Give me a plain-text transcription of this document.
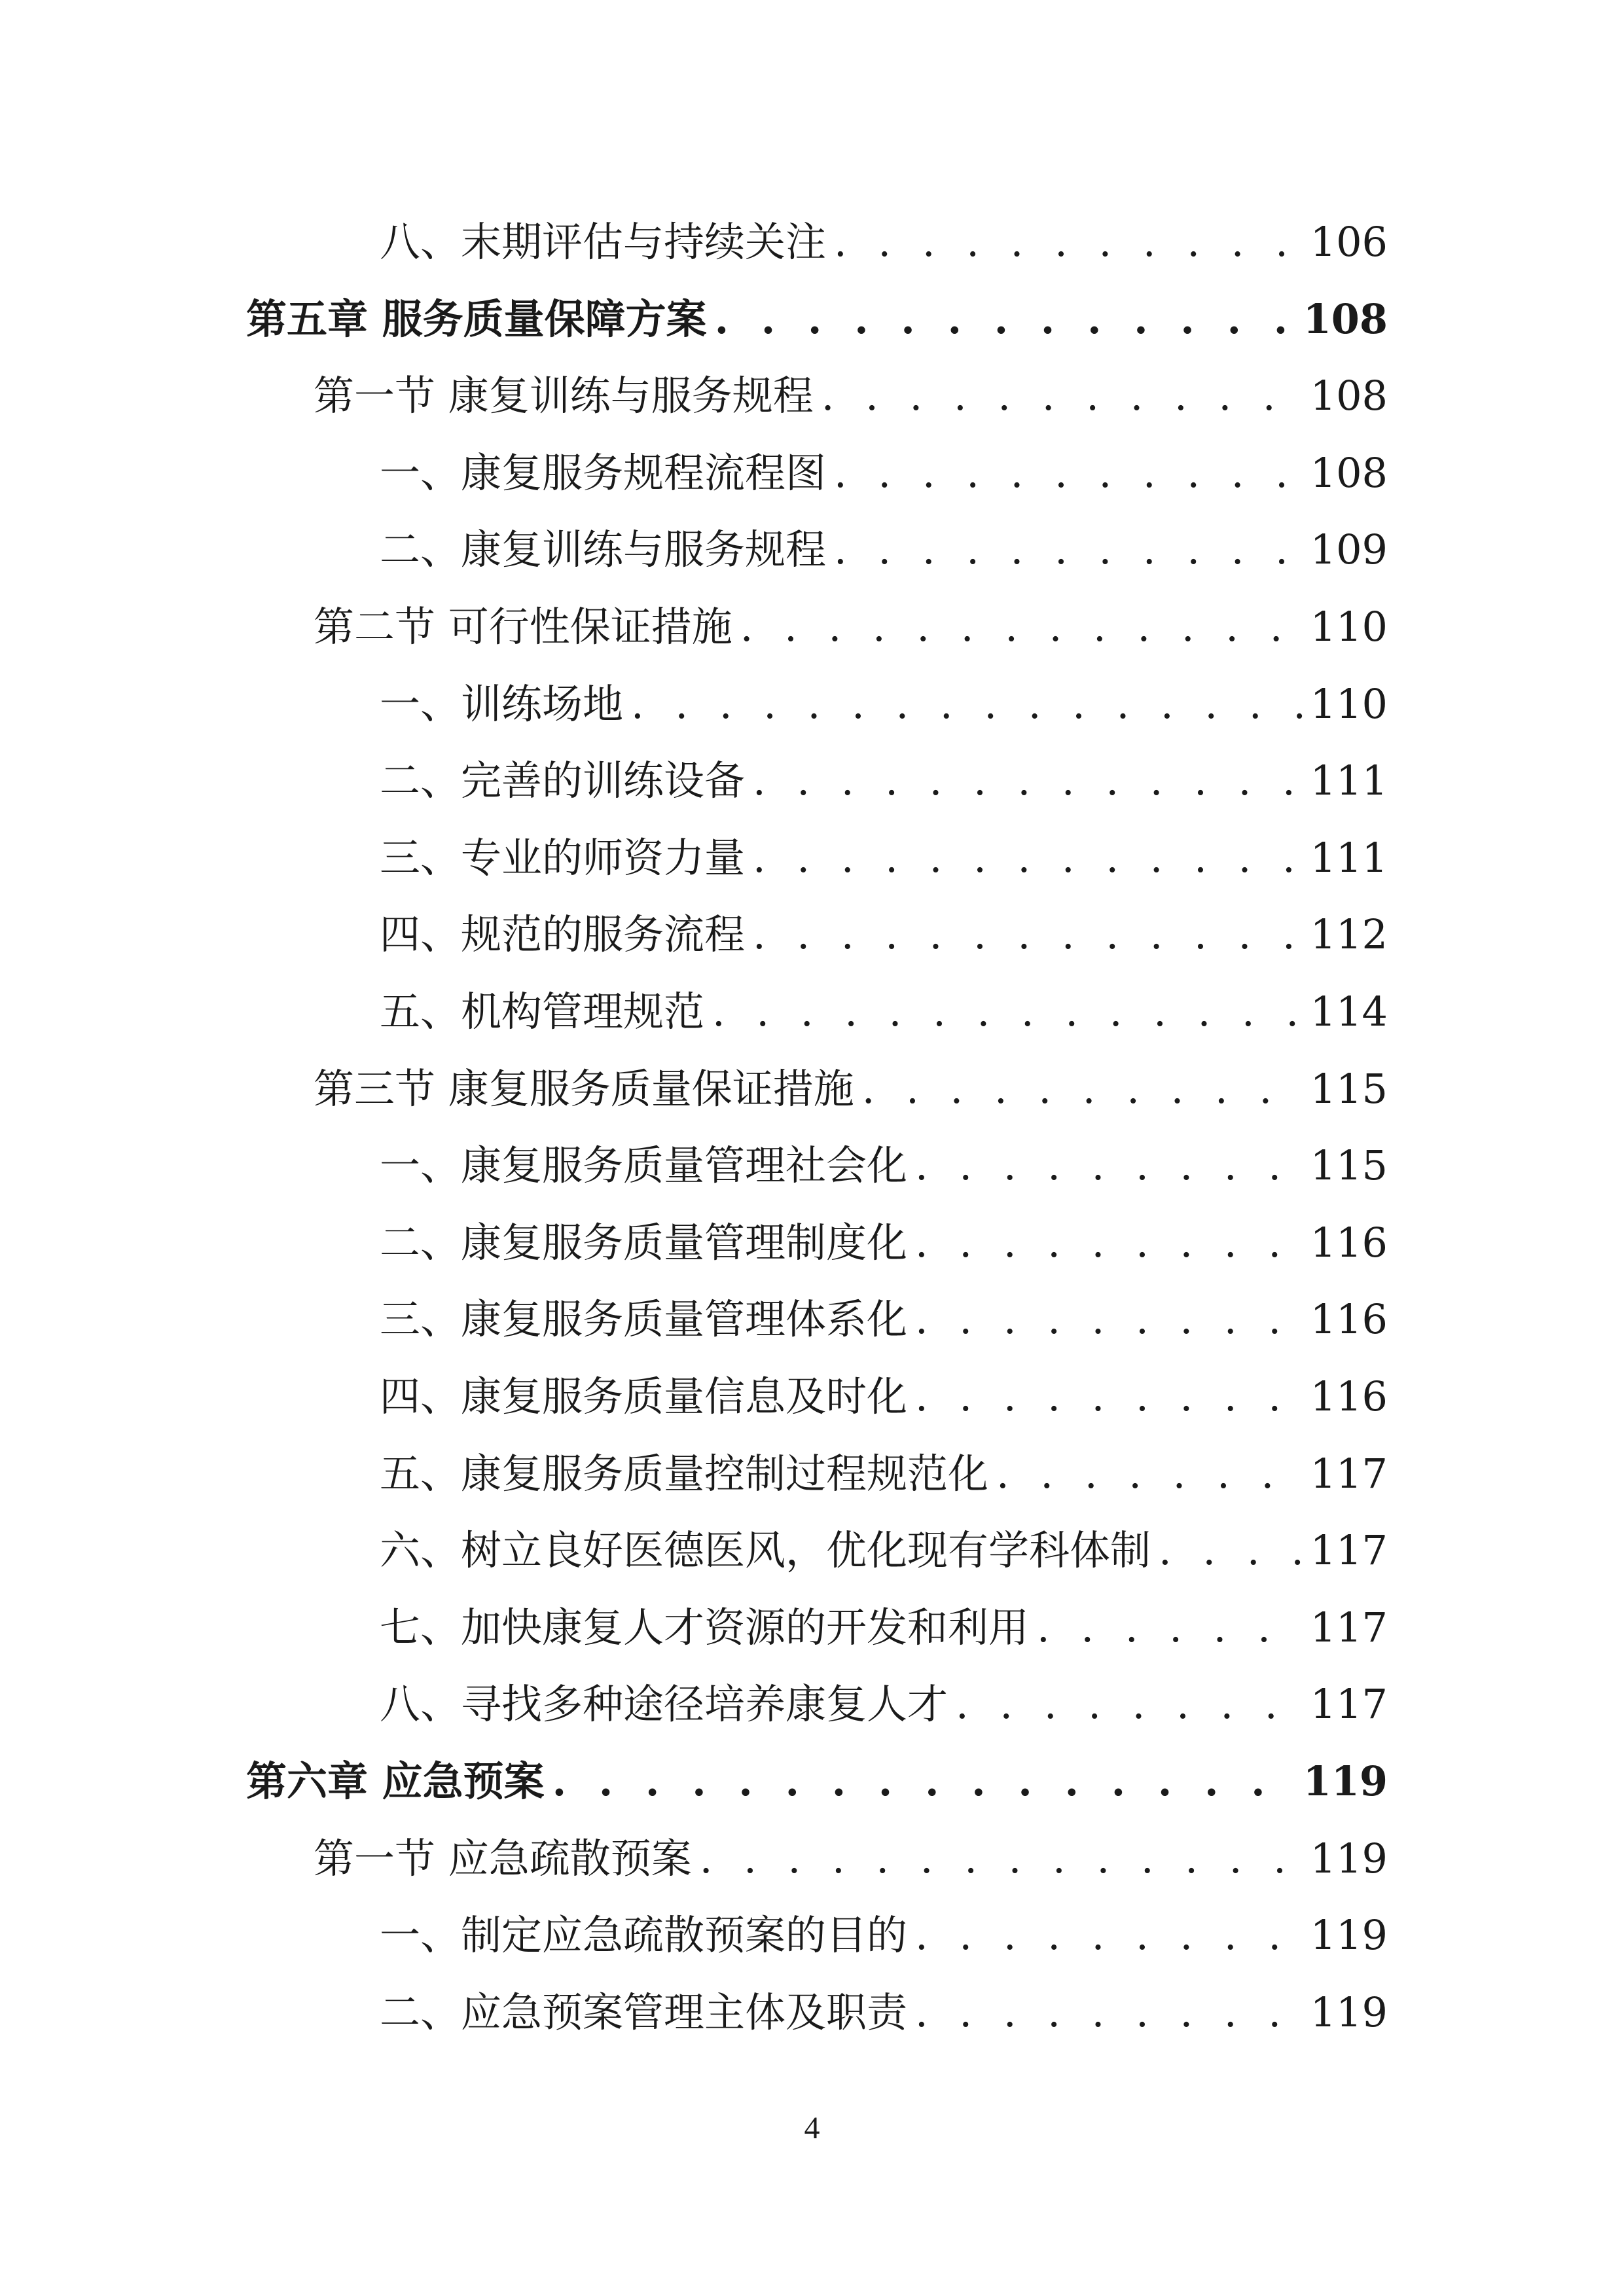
八、末期评估与持续关注 . . .	106
第五章 服务质量保障方案 . . .	108
第一节 康复训练与服务规程 . . .	108
一、康复服务规程流程图 . . .	108
二、康复训练与服务规程 . . .	109
第二节 可行性保证措施 . . .	110
一、训练场地 . . .	110
二、完善的训练设备 . . .	111
三、专业的师资力量 . . .	111
四、规范的服务流程 . . .	112
五、机构管理规范 . . .	114
第三节 康复服务质量保证措施 . . .	115
一、康复服务质量管理社会化 . . .	115
二、康复服务质量管理制度化 . . .	116
三、康复服务质量管理体系化 . . .	116
四、康复服务质量信息及时化 . . .	116
五、康复服务质量控制过程规范化 . . .	117
六、树立良好医德医风，优化现有学科体制 . . .	117
七、加快康复人才资源的开发和利用 . . .	117
八、寻找多种途径培养康复人才 . . .	117
第六章 应急预案 . . .	119
第一节 应急疏散预案 . . .	119
一、制定应急疏散预案的目的 . . .	119
二、应急预案管理主体及职责 . . .	119
4
